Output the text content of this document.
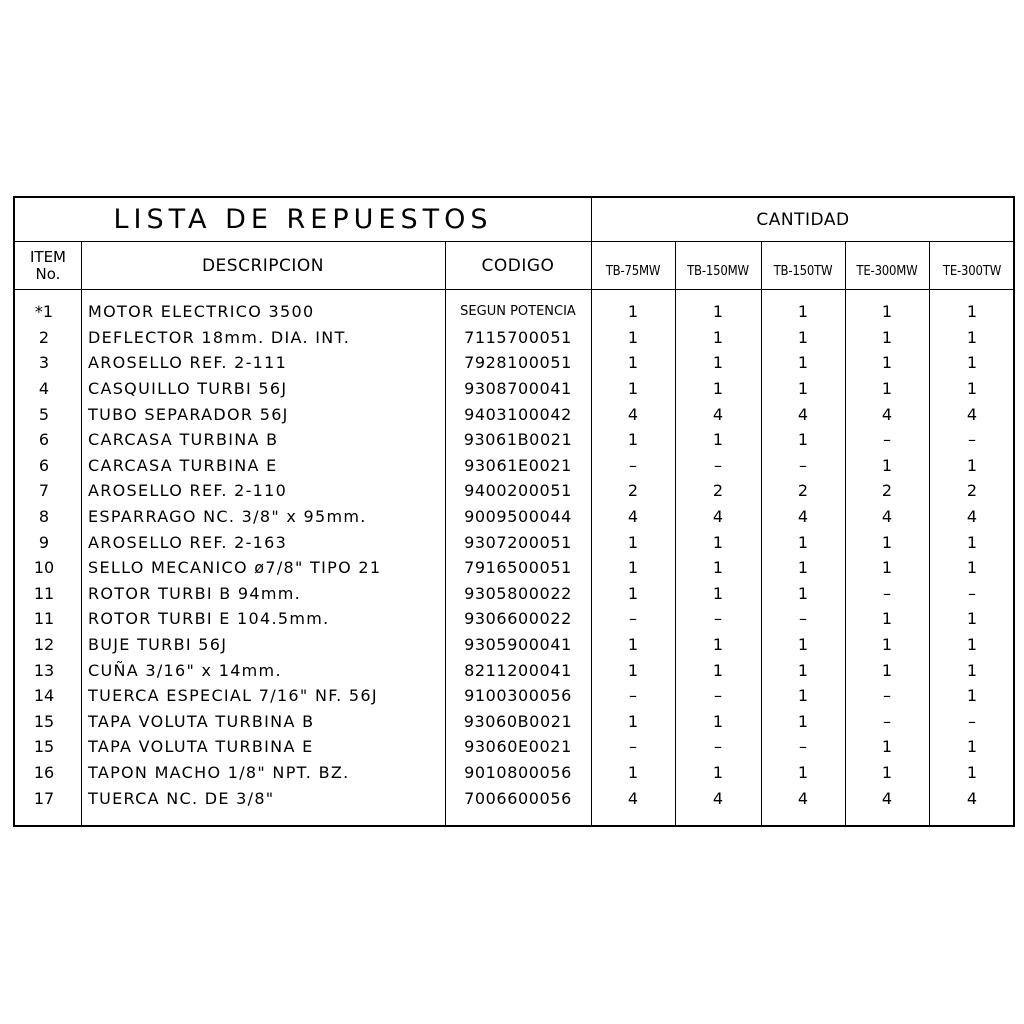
LISTA DE REPUESTOS	CANTIDAD
ITEM
No.	DESCRIPCION	CODIGO	TB-75MW	TB-150MW	TB-150TW	TE-300MW	TE-300TW
*1	MOTOR ELECTRICO 3500	SEGUN POTENCIA	1	1	1	1	1
2	DEFLECTOR 18mm. DIA. INT.	7115700051	1	1	1	1	1
3	AROSELLO REF. 2-111	7928100051	1	1	1	1	1
4	CASQUILLO TURBI 56J	9308700041	1	1	1	1	1
5	TUBO SEPARADOR 56J	9403100042	4	4	4	4	4
6	CARCASA TURBINA B	93061B0021	1	1	1	–	–
6	CARCASA TURBINA E	93061E0021	–	–	–	1	1
7	AROSELLO REF. 2-110	9400200051	2	2	2	2	2
8	ESPARRAGO NC. 3/8" x 95mm.	9009500044	4	4	4	4	4
9	AROSELLO REF. 2-163	9307200051	1	1	1	1	1
10	SELLO MECANICO ø7/8" TIPO 21	7916500051	1	1	1	1	1
11	ROTOR TURBI B 94mm.	9305800022	1	1	1	–	–
11	ROTOR TURBI E 104.5mm.	9306600022	–	–	–	1	1
12	BUJE TURBI 56J	9305900041	1	1	1	1	1
13	CUÑA 3/16" x 14mm.	8211200041	1	1	1	1	1
14	TUERCA ESPECIAL 7/16" NF. 56J	9100300056	–	–	1	–	1
15	TAPA VOLUTA TURBINA B	93060B0021	1	1	1	–	–
15	TAPA VOLUTA TURBINA E	93060E0021	–	–	–	1	1
16	TAPON MACHO 1/8" NPT. BZ.	9010800056	1	1	1	1	1
17	TUERCA NC. DE 3/8"	7006600056	4	4	4	4	4
